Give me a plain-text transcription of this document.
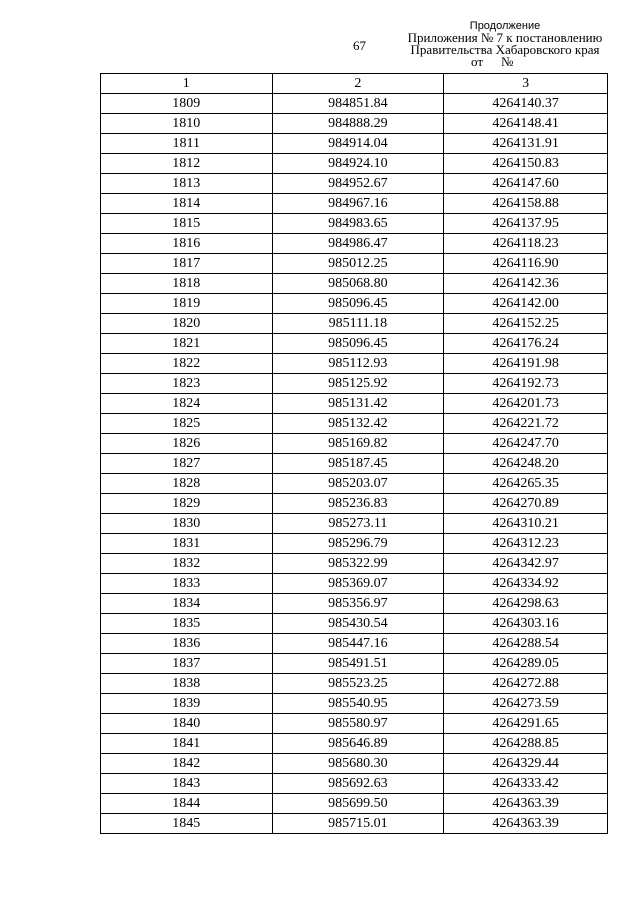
67
Продолжение
Приложения № 7 к постановлению
Правительства Хабаровского края
от №
1	2	3
1809	984851.84	4264140.37
1810	984888.29	4264148.41
1811	984914.04	4264131.91
1812	984924.10	4264150.83
1813	984952.67	4264147.60
1814	984967.16	4264158.88
1815	984983.65	4264137.95
1816	984986.47	4264118.23
1817	985012.25	4264116.90
1818	985068.80	4264142.36
1819	985096.45	4264142.00
1820	985111.18	4264152.25
1821	985096.45	4264176.24
1822	985112.93	4264191.98
1823	985125.92	4264192.73
1824	985131.42	4264201.73
1825	985132.42	4264221.72
1826	985169.82	4264247.70
1827	985187.45	4264248.20
1828	985203.07	4264265.35
1829	985236.83	4264270.89
1830	985273.11	4264310.21
1831	985296.79	4264312.23
1832	985322.99	4264342.97
1833	985369.07	4264334.92
1834	985356.97	4264298.63
1835	985430.54	4264303.16
1836	985447.16	4264288.54
1837	985491.51	4264289.05
1838	985523.25	4264272.88
1839	985540.95	4264273.59
1840	985580.97	4264291.65
1841	985646.89	4264288.85
1842	985680.30	4264329.44
1843	985692.63	4264333.42
1844	985699.50	4264363.39
1845	985715.01	4264363.39
